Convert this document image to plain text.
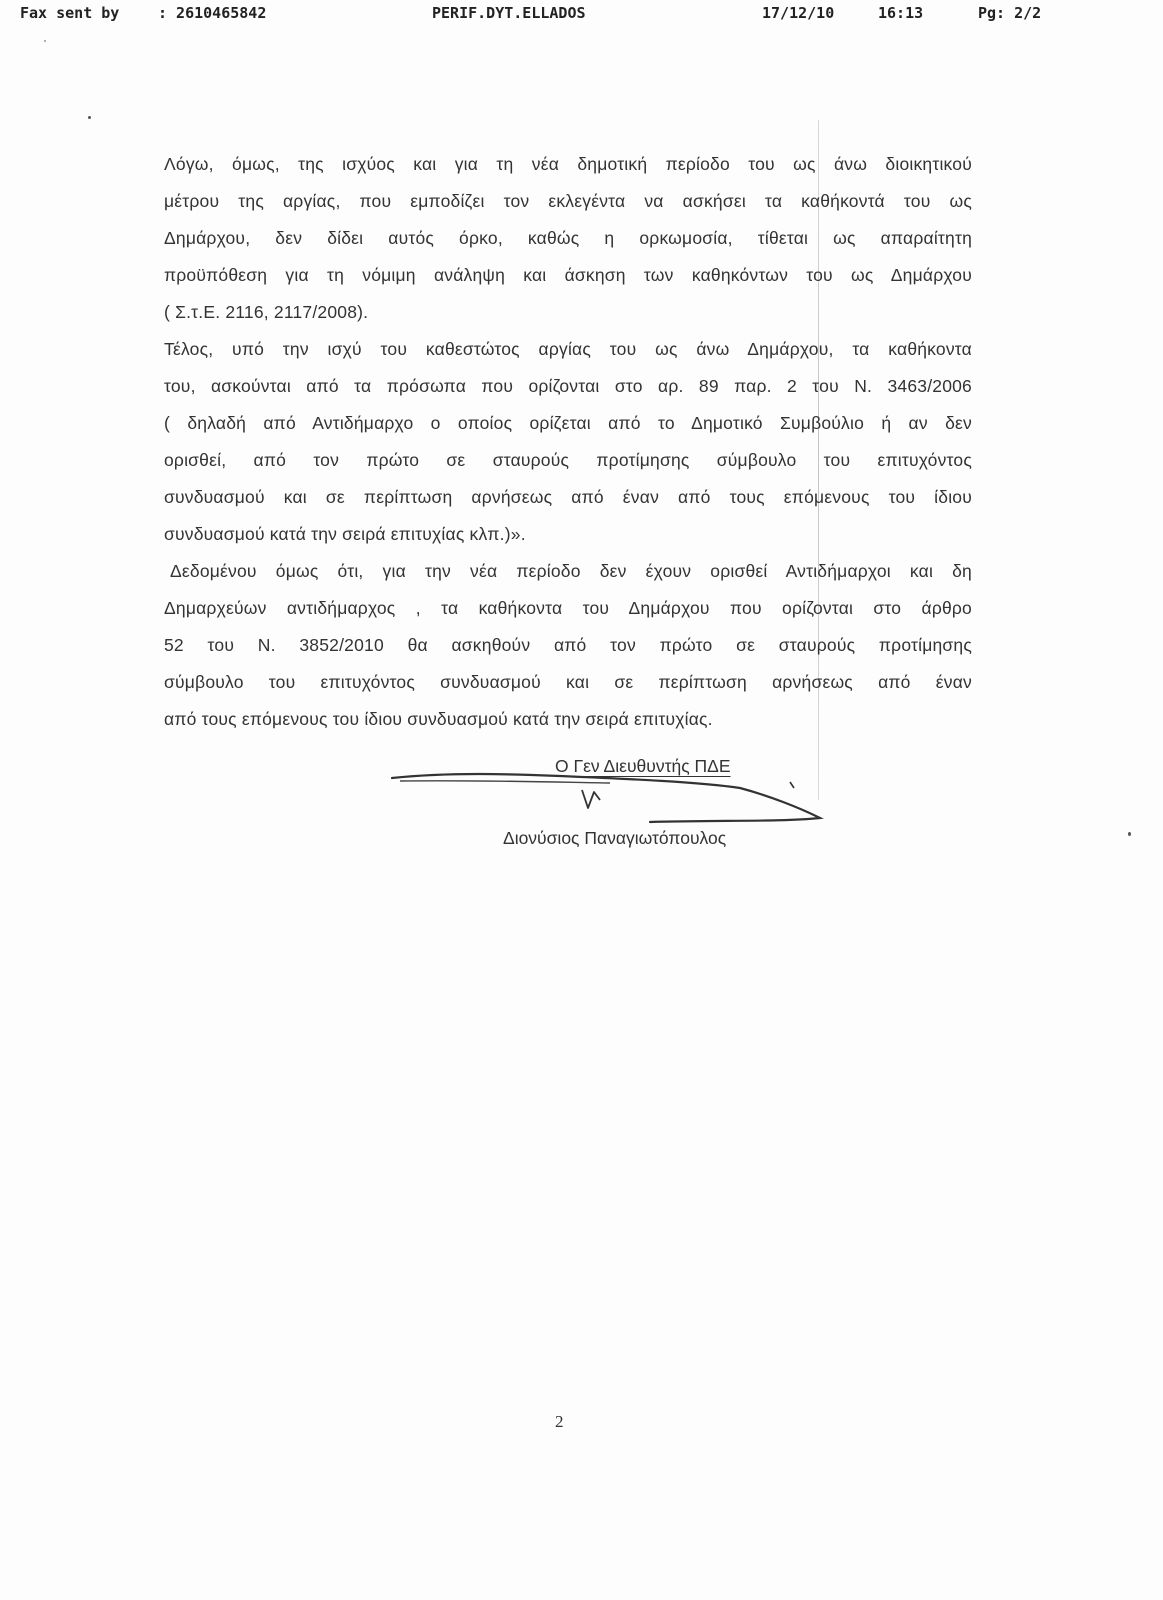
Fax sent by	: 2610465842	PERIF.DYT.ELLADOS	17/12/10	16:13	Pg: 2/2
Λόγω, όμως, της ισχύος και για τη νέα δημοτική περίοδο του ως άνω διοικητικού
μέτρου της αργίας, που εμποδίζει τον εκλεγέντα να ασκήσει τα καθήκοντά του ως
Δημάρχου, δεν δίδει αυτός όρκο, καθώς η ορκωμοσία, τίθεται ως απαραίτητη
προϋπόθεση για τη νόμιμη ανάληψη και άσκηση των καθηκόντων του ως Δημάρχου
( Σ.τ.Ε. 2116, 2117/2008).
Τέλος, υπό την ισχύ του καθεστώτος αργίας του ως άνω Δημάρχου, τα καθήκοντα
του, ασκούνται από τα πρόσωπα που ορίζονται στο αρ. 89 παρ. 2 του Ν. 3463/2006
( δηλαδή από Αντιδήμαρχο ο οποίος ορίζεται από το Δημοτικό Συμβούλιο ή αν δεν
ορισθεί, από τον πρώτο σε σταυρούς προτίμησης σύμβουλο του επιτυχόντος
συνδυασμού και σε περίπτωση αρνήσεως από έναν από τους επόμενους του ίδιου
συνδυασμού κατά την σειρά επιτυχίας κλπ.)».
Δεδομένου όμως ότι, για την νέα περίοδο δεν έχουν ορισθεί Αντιδήμαρχοι και δη
Δημαρχεύων αντιδήμαρχος , τα καθήκοντα του Δημάρχου που ορίζονται στο άρθρο
52 του Ν. 3852/2010 θα ασκηθούν από τον πρώτο σε σταυρούς προτίμησης
σύμβουλο του επιτυχόντος συνδυασμού και σε περίπτωση αρνήσεως από έναν
από τους επόμενους του ίδιου συνδυασμού κατά την σειρά επιτυχίας.
Ο Γεν Διευθυντής ΠΔΕ
Διονύσιος Παναγιωτόπουλος
2
